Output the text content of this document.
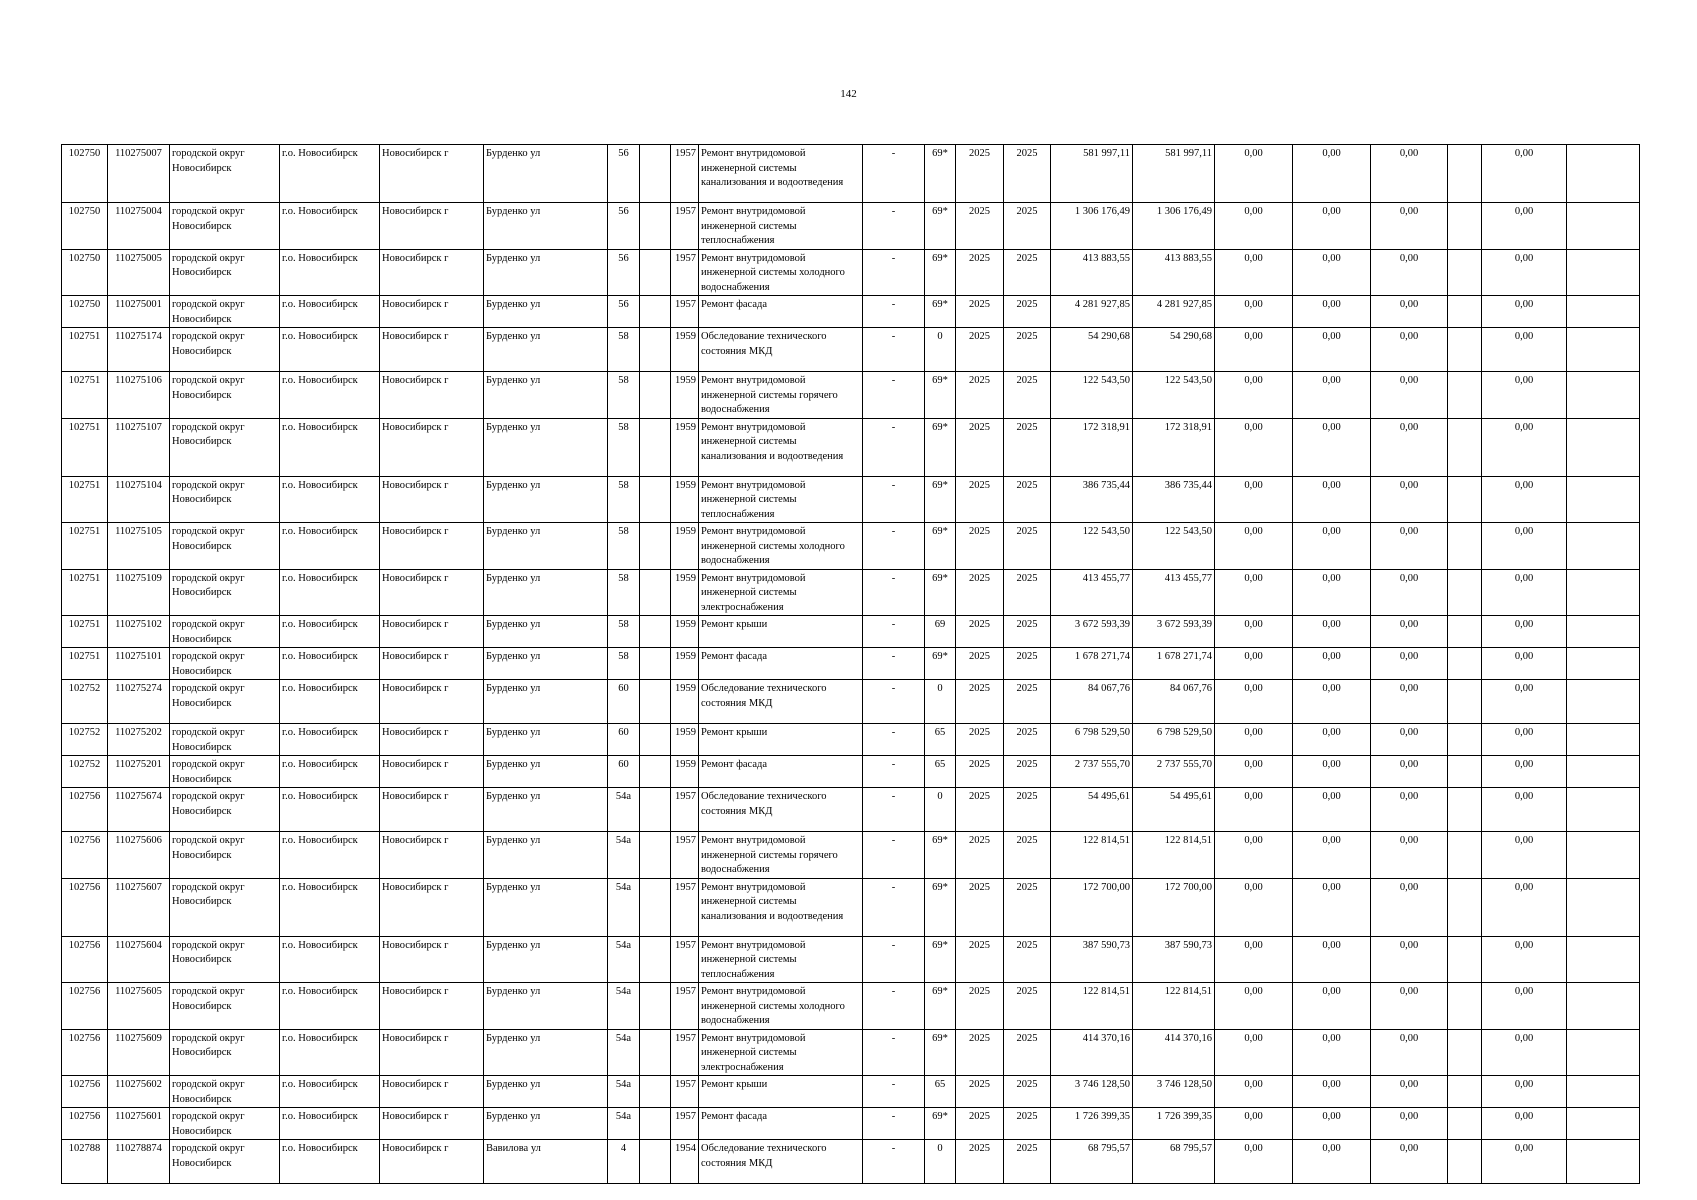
142
102750	110275007	городской округ Новосибирск	г.о. Новосибирск	Новосибирск г	Бурденко ул	56		1957	Ремонт внутридомовой инженерной системы канализования и водоотведения	-	69*	2025	2025	581 997,11	581 997,11	0,00	0,00	0,00		0,00	
102750	110275004	городской округ Новосибирск	г.о. Новосибирск	Новосибирск г	Бурденко ул	56		1957	Ремонт внутридомовой инженерной системы теплоснабжения	-	69*	2025	2025	1 306 176,49	1 306 176,49	0,00	0,00	0,00		0,00	
102750	110275005	городской округ Новосибирск	г.о. Новосибирск	Новосибирск г	Бурденко ул	56		1957	Ремонт внутридомовой инженерной системы холодного водоснабжения	-	69*	2025	2025	413 883,55	413 883,55	0,00	0,00	0,00		0,00	
102750	110275001	городской округ Новосибирск	г.о. Новосибирск	Новосибирск г	Бурденко ул	56		1957	Ремонт фасада	-	69*	2025	2025	4 281 927,85	4 281 927,85	0,00	0,00	0,00		0,00	
102751	110275174	городской округ Новосибирск	г.о. Новосибирск	Новосибирск г	Бурденко ул	58		1959	Обследование технического состояния МКД	-	0	2025	2025	54 290,68	54 290,68	0,00	0,00	0,00		0,00	
102751	110275106	городской округ Новосибирск	г.о. Новосибирск	Новосибирск г	Бурденко ул	58		1959	Ремонт внутридомовой инженерной системы горячего водоснабжения	-	69*	2025	2025	122 543,50	122 543,50	0,00	0,00	0,00		0,00	
102751	110275107	городской округ Новосибирск	г.о. Новосибирск	Новосибирск г	Бурденко ул	58		1959	Ремонт внутридомовой инженерной системы канализования и водоотведения	-	69*	2025	2025	172 318,91	172 318,91	0,00	0,00	0,00		0,00	
102751	110275104	городской округ Новосибирск	г.о. Новосибирск	Новосибирск г	Бурденко ул	58		1959	Ремонт внутридомовой инженерной системы теплоснабжения	-	69*	2025	2025	386 735,44	386 735,44	0,00	0,00	0,00		0,00	
102751	110275105	городской округ Новосибирск	г.о. Новосибирск	Новосибирск г	Бурденко ул	58		1959	Ремонт внутридомовой инженерной системы холодного водоснабжения	-	69*	2025	2025	122 543,50	122 543,50	0,00	0,00	0,00		0,00	
102751	110275109	городской округ Новосибирск	г.о. Новосибирск	Новосибирск г	Бурденко ул	58		1959	Ремонт внутридомовой инженерной системы электроснабжения	-	69*	2025	2025	413 455,77	413 455,77	0,00	0,00	0,00		0,00	
102751	110275102	городской округ Новосибирск	г.о. Новосибирск	Новосибирск г	Бурденко ул	58		1959	Ремонт крыши	-	69	2025	2025	3 672 593,39	3 672 593,39	0,00	0,00	0,00		0,00	
102751	110275101	городской округ Новосибирск	г.о. Новосибирск	Новосибирск г	Бурденко ул	58		1959	Ремонт фасада	-	69*	2025	2025	1 678 271,74	1 678 271,74	0,00	0,00	0,00		0,00	
102752	110275274	городской округ Новосибирск	г.о. Новосибирск	Новосибирск г	Бурденко ул	60		1959	Обследование технического состояния МКД	-	0	2025	2025	84 067,76	84 067,76	0,00	0,00	0,00		0,00	
102752	110275202	городской округ Новосибирск	г.о. Новосибирск	Новосибирск г	Бурденко ул	60		1959	Ремонт крыши	-	65	2025	2025	6 798 529,50	6 798 529,50	0,00	0,00	0,00		0,00	
102752	110275201	городской округ Новосибирск	г.о. Новосибирск	Новосибирск г	Бурденко ул	60		1959	Ремонт фасада	-	65	2025	2025	2 737 555,70	2 737 555,70	0,00	0,00	0,00		0,00	
102756	110275674	городской округ Новосибирск	г.о. Новосибирск	Новосибирск г	Бурденко ул	54а		1957	Обследование технического состояния МКД	-	0	2025	2025	54 495,61	54 495,61	0,00	0,00	0,00		0,00	
102756	110275606	городской округ Новосибирск	г.о. Новосибирск	Новосибирск г	Бурденко ул	54а		1957	Ремонт внутридомовой инженерной системы горячего водоснабжения	-	69*	2025	2025	122 814,51	122 814,51	0,00	0,00	0,00		0,00	
102756	110275607	городской округ Новосибирск	г.о. Новосибирск	Новосибирск г	Бурденко ул	54а		1957	Ремонт внутридомовой инженерной системы канализования и водоотведения	-	69*	2025	2025	172 700,00	172 700,00	0,00	0,00	0,00		0,00	
102756	110275604	городской округ Новосибирск	г.о. Новосибирск	Новосибирск г	Бурденко ул	54а		1957	Ремонт внутридомовой инженерной системы теплоснабжения	-	69*	2025	2025	387 590,73	387 590,73	0,00	0,00	0,00		0,00	
102756	110275605	городской округ Новосибирск	г.о. Новосибирск	Новосибирск г	Бурденко ул	54а		1957	Ремонт внутридомовой инженерной системы холодного водоснабжения	-	69*	2025	2025	122 814,51	122 814,51	0,00	0,00	0,00		0,00	
102756	110275609	городской округ Новосибирск	г.о. Новосибирск	Новосибирск г	Бурденко ул	54а		1957	Ремонт внутридомовой инженерной системы электроснабжения	-	69*	2025	2025	414 370,16	414 370,16	0,00	0,00	0,00		0,00	
102756	110275602	городской округ Новосибирск	г.о. Новосибирск	Новосибирск г	Бурденко ул	54а		1957	Ремонт крыши	-	65	2025	2025	3 746 128,50	3 746 128,50	0,00	0,00	0,00		0,00	
102756	110275601	городской округ Новосибирск	г.о. Новосибирск	Новосибирск г	Бурденко ул	54а		1957	Ремонт фасада	-	69*	2025	2025	1 726 399,35	1 726 399,35	0,00	0,00	0,00		0,00	
102788	110278874	городской округ Новосибирск	г.о. Новосибирск	Новосибирск г	Вавилова ул	4		1954	Обследование технического состояния МКД	-	0	2025	2025	68 795,57	68 795,57	0,00	0,00	0,00		0,00	
